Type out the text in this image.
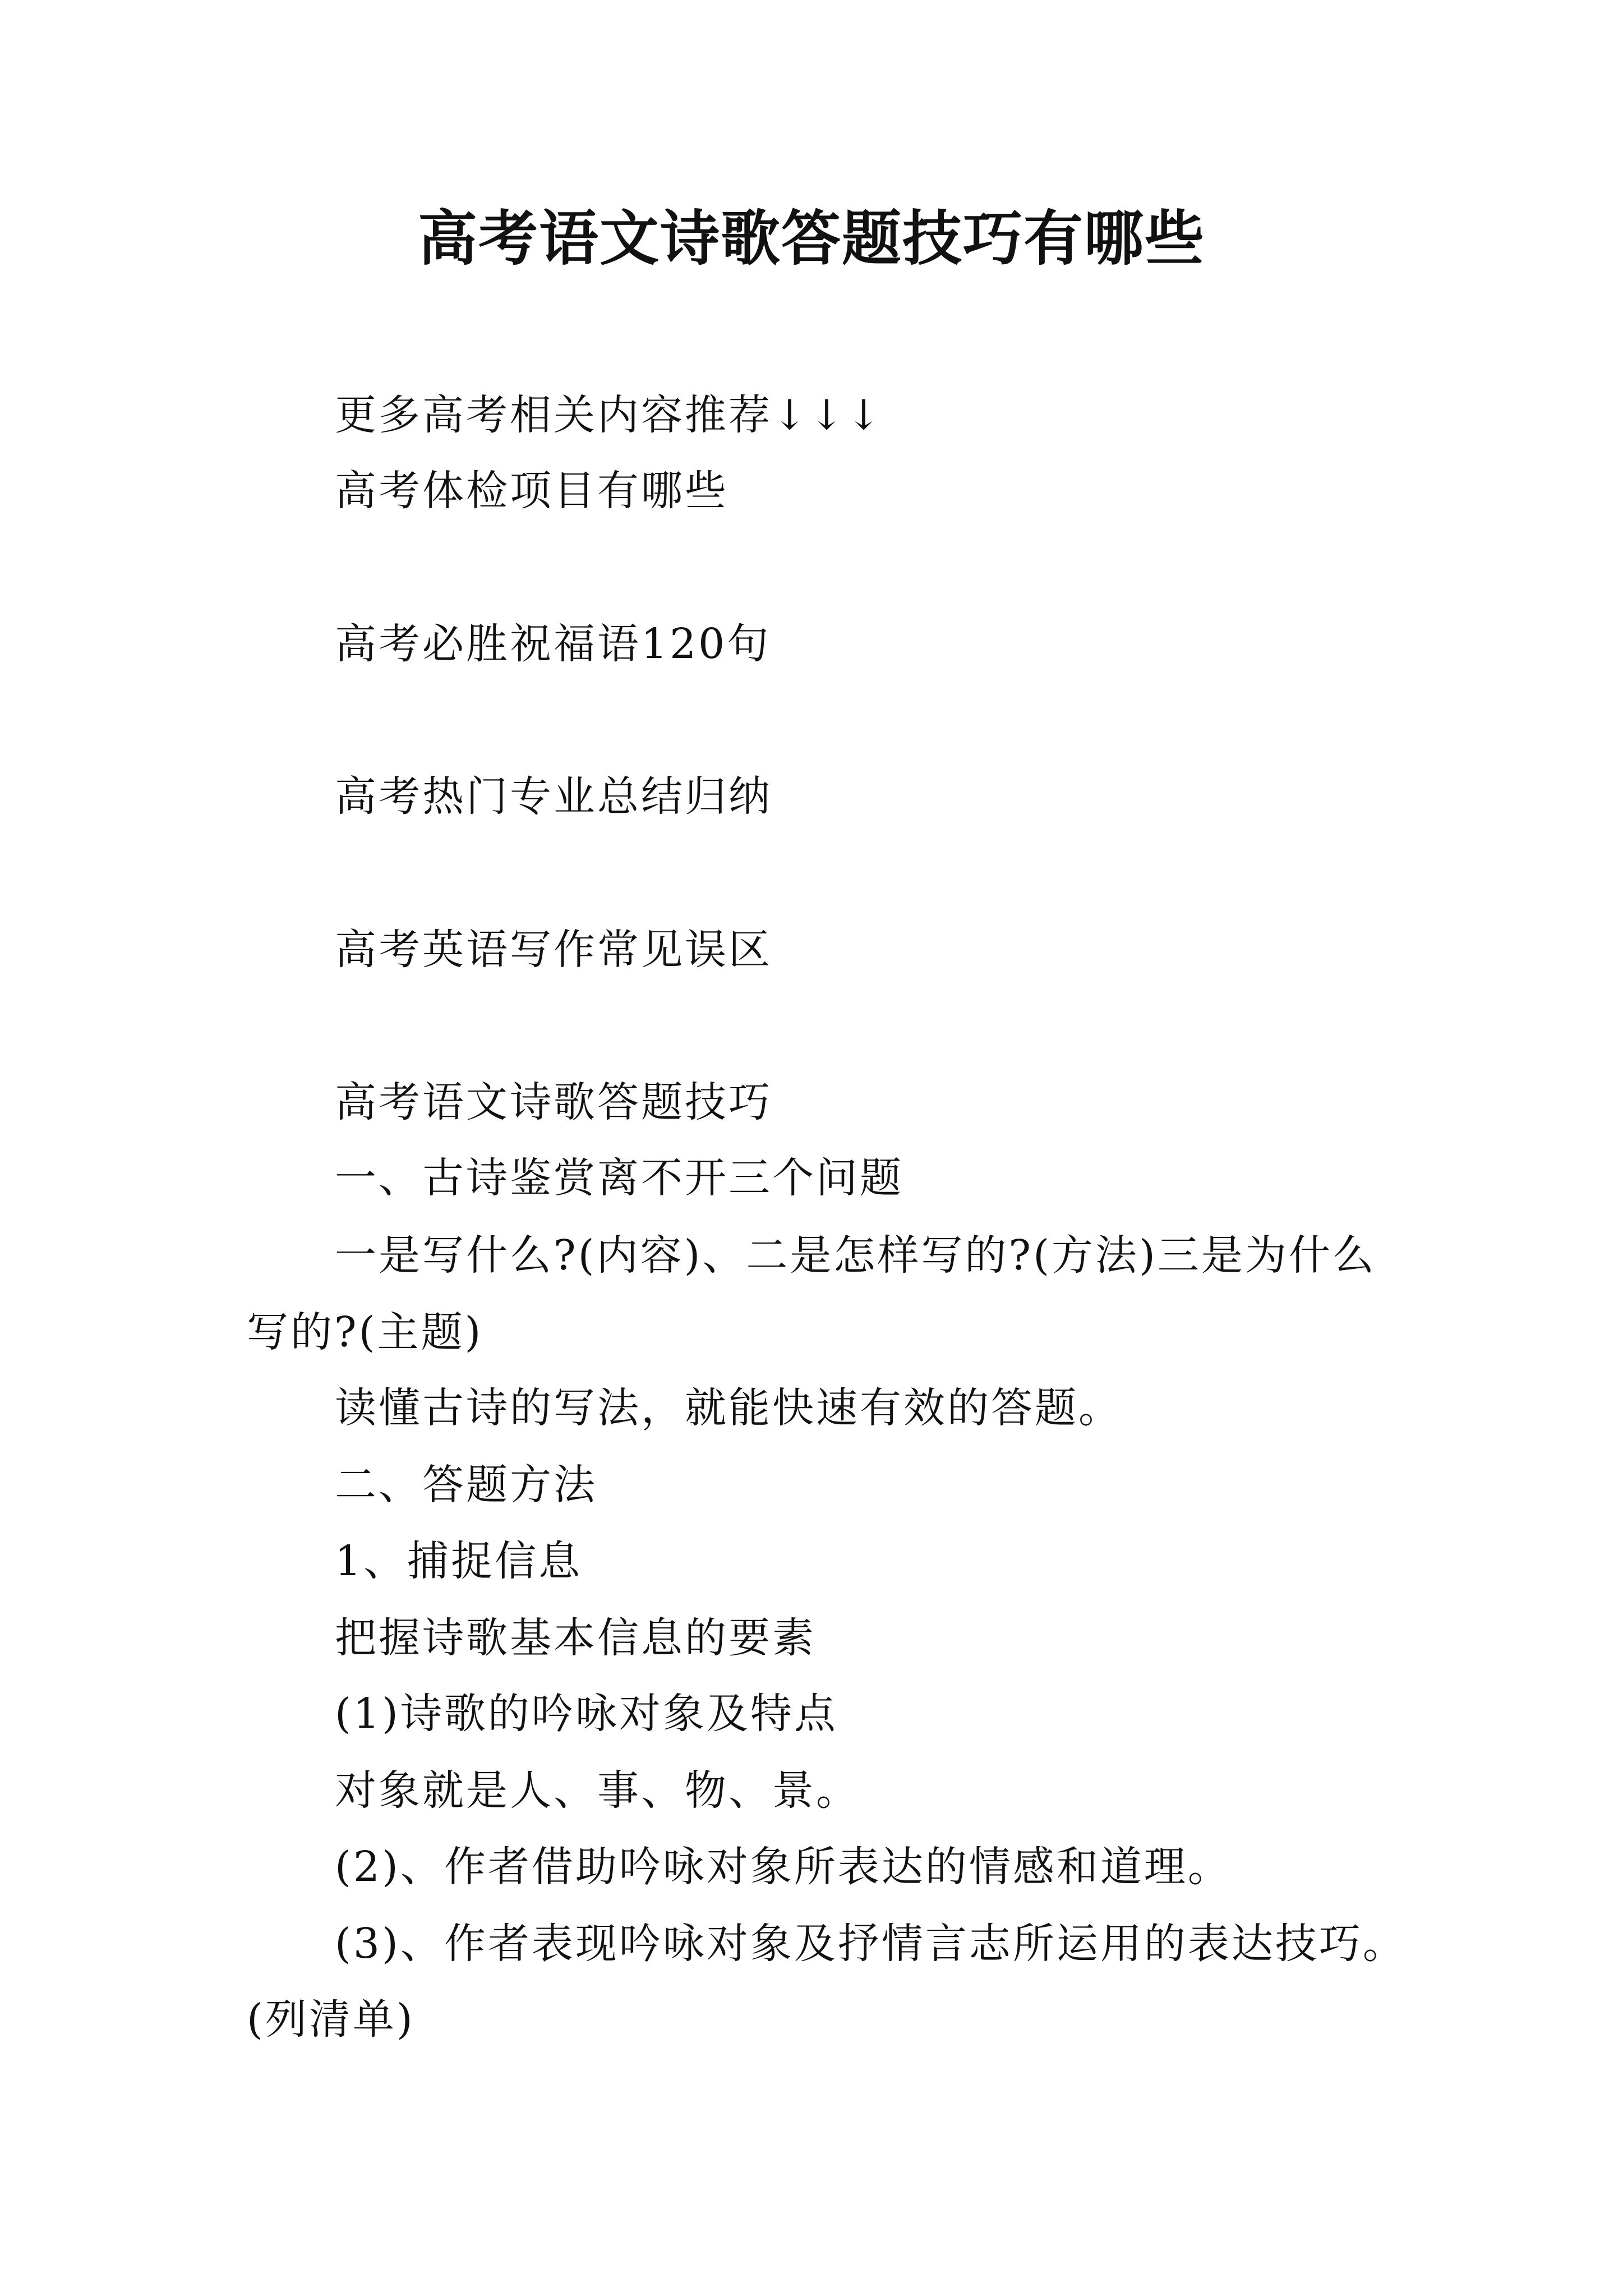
高考语文诗歌答题技巧有哪些
更多高考相关内容推荐↓↓↓
高考体检项目有哪些
高考必胜祝福语120句
高考热门专业总结归纳
高考英语写作常见误区
高考语文诗歌答题技巧
一、古诗鉴赏离不开三个问题
一是写什么?(内容)、二是怎样写的?(方法)三是为什么
写的?(主题)
读懂古诗的写法，就能快速有效的答题。
二、答题方法
1、捕捉信息
把握诗歌基本信息的要素
(1)诗歌的吟咏对象及特点
对象就是人、事、物、景。
(2)、作者借助吟咏对象所表达的情感和道理。
(3)、作者表现吟咏对象及抒情言志所运用的表达技巧。
(列清单)
